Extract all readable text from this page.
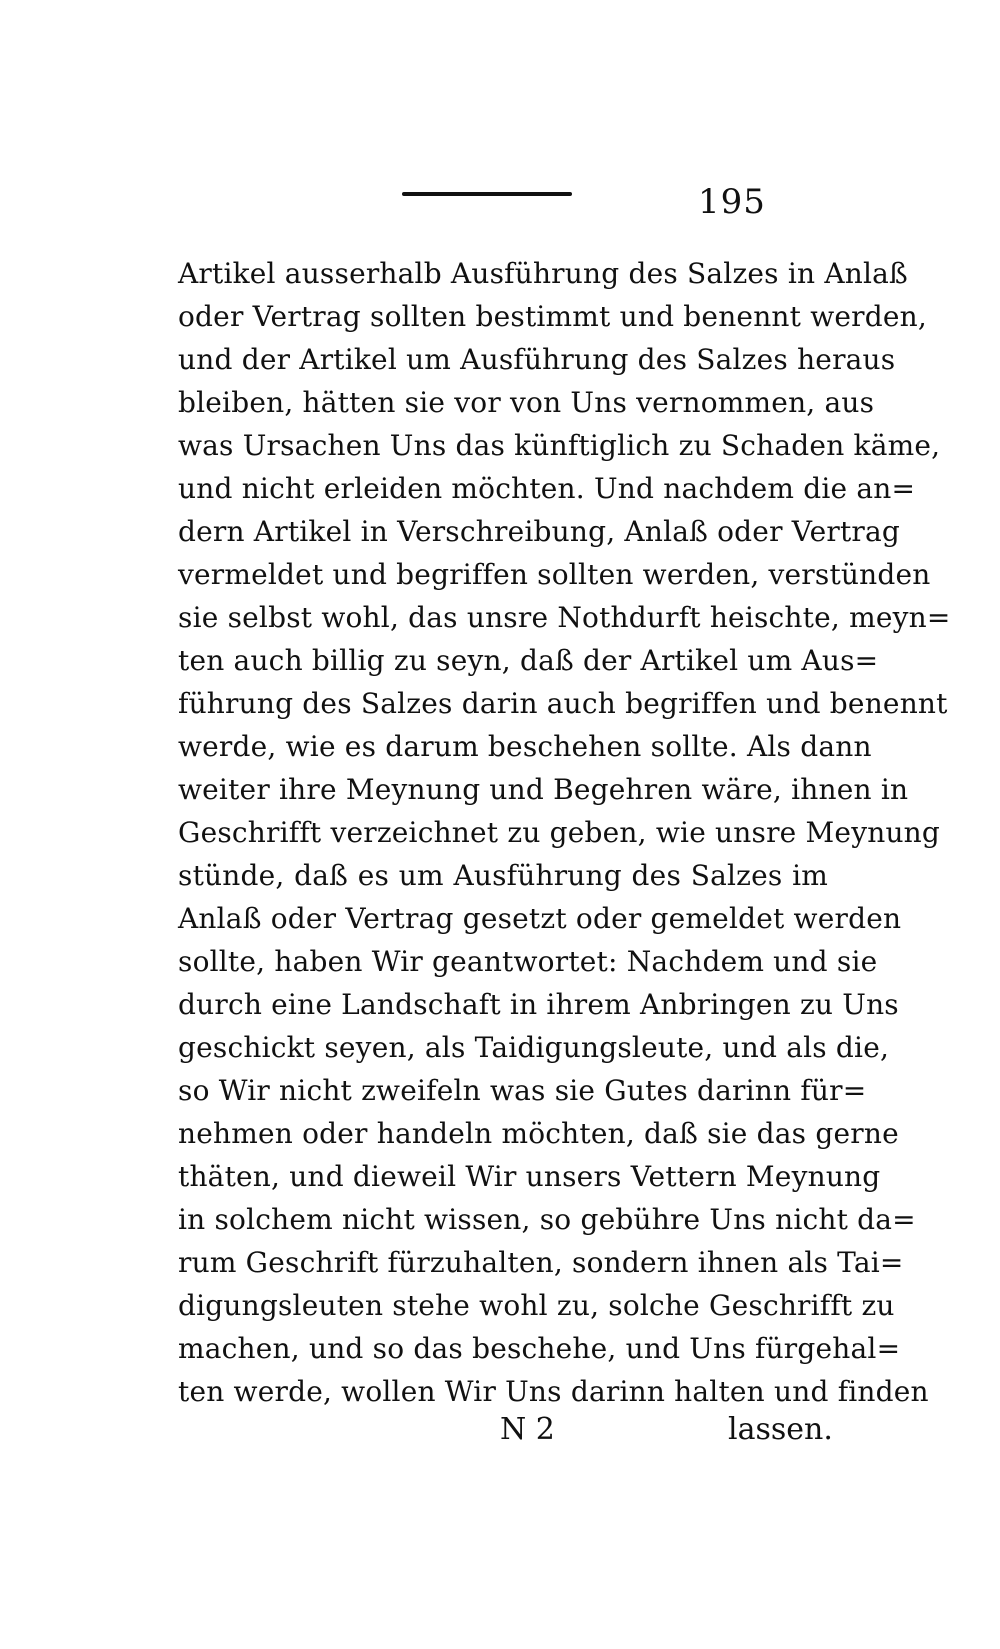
195
Artikel ausserhalb Ausführung des Salzes in Anlaß
oder Vertrag sollten bestimmt und benennt werden,
und der Artikel um Ausführung des Salzes heraus
bleiben, hätten sie vor von Uns vernommen, aus
was Ursachen Uns das künftiglich zu Schaden käme,
und nicht erleiden möchten. Und nachdem die an=
dern Artikel in Verschreibung, Anlaß oder Vertrag
vermeldet und begriffen sollten werden, verstünden
sie selbst wohl, das unsre Nothdurft heischte, meyn=
ten auch billig zu seyn, daß der Artikel um Aus=
führung des Salzes darin auch begriffen und benennt
werde, wie es darum beschehen sollte. Als dann
weiter ihre Meynung und Begehren wäre, ihnen in
Geschrifft verzeichnet zu geben, wie unsre Meynung
stünde, daß es um Ausführung des Salzes im
Anlaß oder Vertrag gesetzt oder gemeldet werden
sollte, haben Wir geantwortet: Nachdem und sie
durch eine Landschaft in ihrem Anbringen zu Uns
geschickt seyen, als Taidigungsleute, und als die,
so Wir nicht zweifeln was sie Gutes darinn für=
nehmen oder handeln möchten, daß sie das gerne
thäten, und dieweil Wir unsers Vettern Meynung
in solchem nicht wissen, so gebühre Uns nicht da=
rum Geschrift fürzuhalten, sondern ihnen als Tai=
digungsleuten stehe wohl zu, solche Geschrifft zu
machen, und so das beschehe, und Uns fürgehal=
ten werde, wollen Wir Uns darinn halten und finden
N 2	lassen.
